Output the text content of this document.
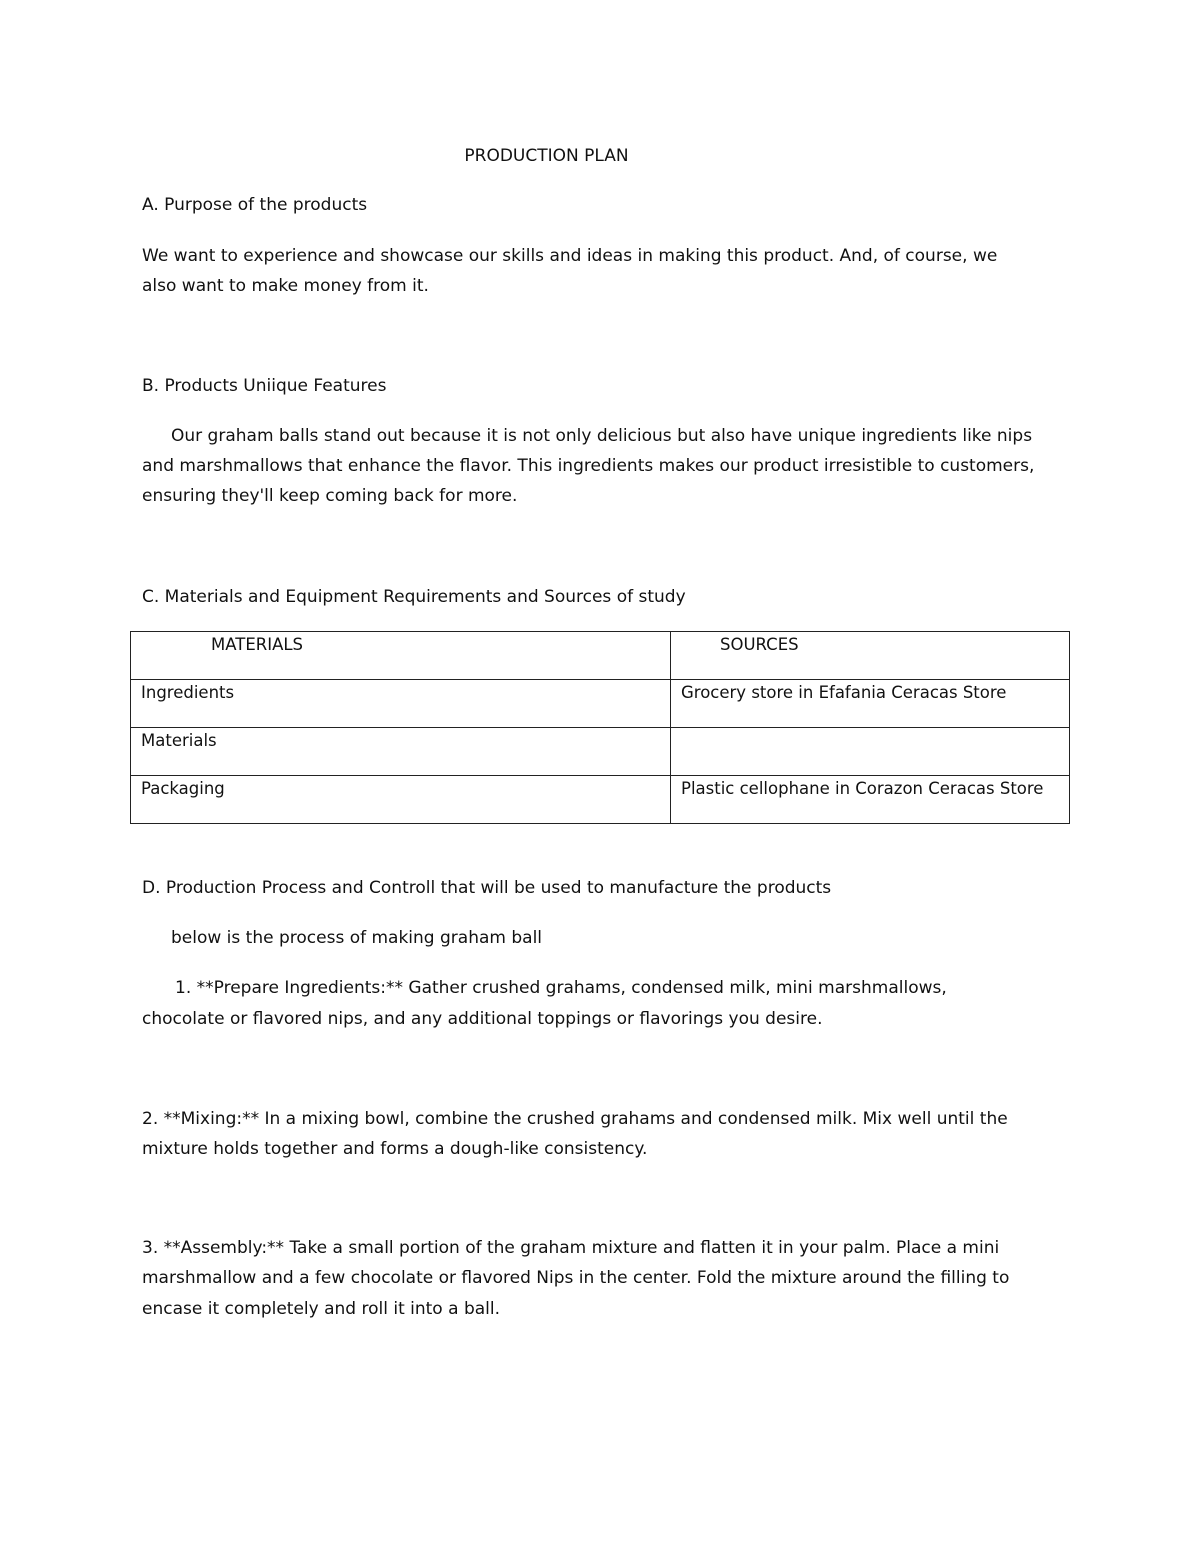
PRODUCTION PLAN
A. Purpose of the products
We want to experience and showcase our skills and ideas in making this product. And, of course, we
also want to make money from it.
B. Products Uniique Features
Our graham balls stand out because it is not only delicious but also have unique ingredients like nips
and marshmallows that enhance the flavor. This ingredients makes our product irresistible to customers,
ensuring they'll keep coming back for more.
C. Materials and Equipment Requirements and Sources of study
MATERIALS	SOURCES
Ingredients	Grocery store in Efafania Ceracas Store
Materials	
Packaging	Plastic cellophane in Corazon Ceracas Store
D. Production Process and Controll that will be used to manufacture the products
below is the process of making graham ball
1. **Prepare Ingredients:** Gather crushed grahams, condensed milk, mini marshmallows,
chocolate or flavored nips, and any additional toppings or flavorings you desire.
2. **Mixing:** In a mixing bowl, combine the crushed grahams and condensed milk. Mix well until the
mixture holds together and forms a dough-like consistency.
3. **Assembly:** Take a small portion of the graham mixture and flatten it in your palm. Place a mini
marshmallow and a few chocolate or flavored Nips in the center. Fold the mixture around the filling to
encase it completely and roll it into a ball.
